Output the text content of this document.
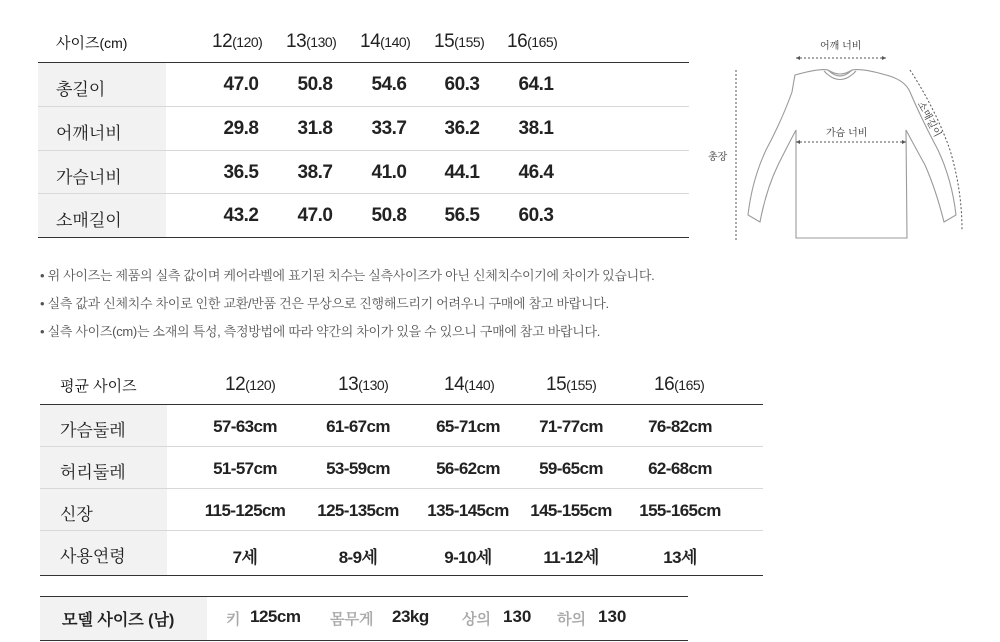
사이즈(cm)	12(120) 13(130) 14(140) 15(155) 16(165)
총길이	47.0	50.8	54.6	60.3	64.1
어깨너비	29.8	31.8	33.7	36.2	38.1
가슴너비	36.5	38.7	41.0	44.1	46.4
소매길이	43.2	47.0	50.8	56.5	60.3
어깨 너비
가슴 너비
총장
소매길이
• 위 사이즈는 제품의 실측 값이며 케어라벨에 표기된 치수는 실측사이즈가 아닌 신체치수이기에 차이가 있습니다.
• 실측 값과 신체치수 차이로 인한 교환/반품 건은 무상으로 진행해드리기 어려우니 구매에 참고 바랍니다.
• 실측 사이즈(cm)는 소재의 특성, 측정방법에 따라 약간의 차이가 있을 수 있으니 구매에 참고 바랍니다.
평균 사이즈	12(120)	13(130)	14(140)	15(155)	16(165)
가슴둘레	57-63cm	61-67cm	65-71cm	71-77cm	76-82cm
허리둘레	51-57cm	53-59cm	56-62cm	59-65cm	62-68cm
신장	115-125cm	125-135cm	135-145cm	145-155cm	155-165cm
사용연령	7세	8-9세	9-10세	11-12세	13세
모델 사이즈 (남)	키 125cm 몸무게 23kg 상의 130 하의 130
